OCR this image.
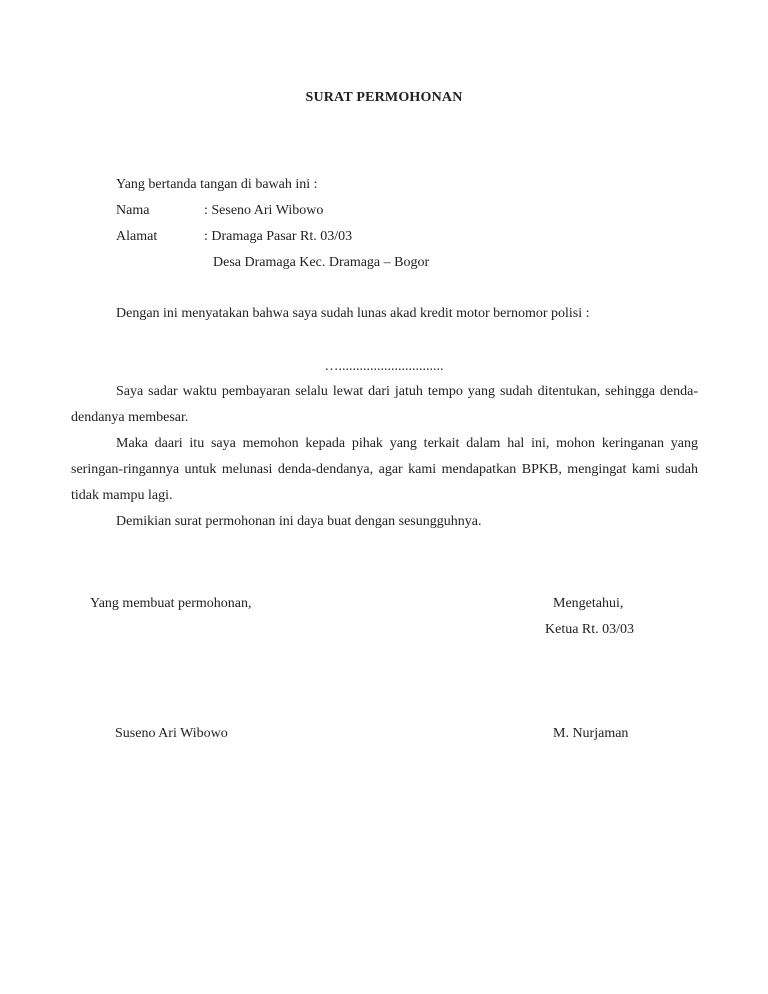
SURAT PERMOHONAN
Yang bertanda tangan di bawah ini :
Nama	: Seseno Ari Wibowo
Alamat	: Dramaga Pasar Rt. 03/03
Desa Dramaga Kec. Dramaga – Bogor
Dengan ini menyatakan bahwa saya sudah lunas akad kredit motor bernomor polisi :
…..............................

Saya sadar waktu pembayaran selalu lewat dari jatuh tempo yang sudah ditentukan, sehingga denda-dendanya membesar.

Maka daari itu saya memohon kepada pihak yang terkait dalam hal ini, mohon keringanan yang seringan-ringannya untuk melunasi denda-dendanya, agar kami mendapatkan BPKB, mengingat kami sudah tidak mampu lagi.

Demikian surat permohonan ini daya buat dengan sesungguhnya.

Yang membuat permohonan,	Mengetahui,
Ketua Rt. 03/03
Suseno Ari Wibowo	M. Nurjaman
